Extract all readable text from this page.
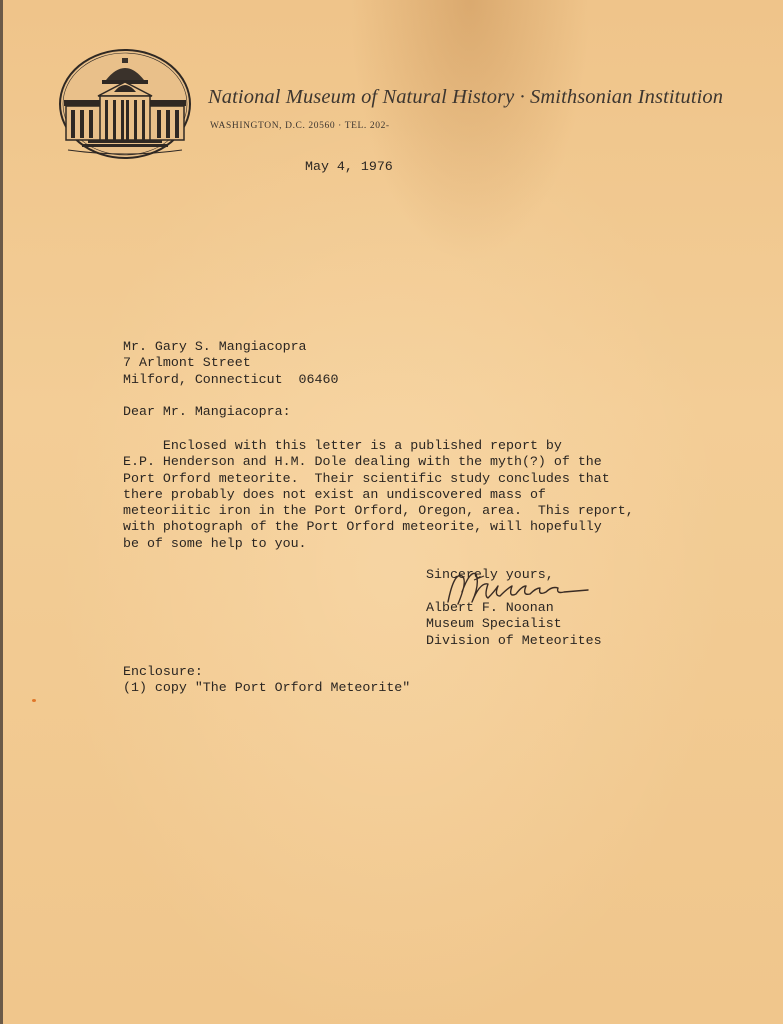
National Museum of Natural History · Smithsonian Institution
WASHINGTON, D.C. 20560 · TEL. 202-
May 4, 1976
Mr. Gary S. Mangiacopra
7 Arlmont Street
Milford, Connecticut  06460
Dear Mr. Mangiacopra:
Enclosed with this letter is a published report by
E.P. Henderson and H.M. Dole dealing with the myth(?) of the
Port Orford meteorite.  Their scientific study concludes that
there probably does not exist an undiscovered mass of
meteoriitic iron in the Port Orford, Oregon, area.  This report,
with photograph of the Port Orford meteorite, will hopefully
be of some help to you.
Sincerely yours,
Albert F. Noonan
Museum Specialist
Division of Meteorites
Enclosure:
(1) copy "The Port Orford Meteorite"
